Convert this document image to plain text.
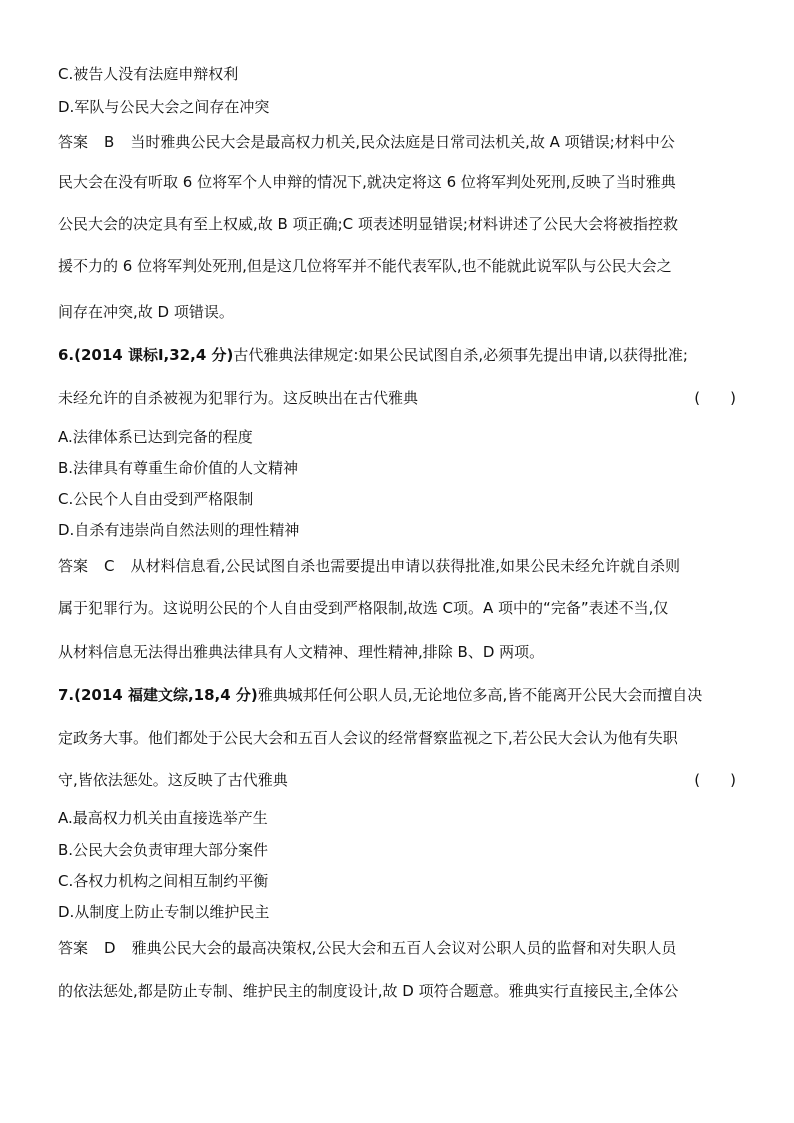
C.被告人没有法庭申辩权利
D.军队与公民大会之间存在冲突
答案 B 当时雅典公民大会是最高权力机关,民众法庭是日常司法机关,故 A 项错误;材料中公
民大会在没有听取 6 位将军个人申辩的情况下,就决定将这 6 位将军判处死刑,反映了当时雅典
公民大会的决定具有至上权威,故 B 项正确;C 项表述明显错误;材料讲述了公民大会将被指控救
援不力的 6 位将军判处死刑,但是这几位将军并不能代表军队,也不能就此说军队与公民大会之
间存在冲突,故 D 项错误。
6.(2014 课标Ⅰ,32,4 分)古代雅典法律规定:如果公民试图自杀,必须事先提出申请,以获得批准;
未经允许的自杀被视为犯罪行为。这反映出在古代雅典	(　　)
A.法律体系已达到完备的程度
B.法律具有尊重生命价值的人文精神
C.公民个人自由受到严格限制
D.自杀有违崇尚自然法则的理性精神
答案 C 从材料信息看,公民试图自杀也需要提出申请以获得批准,如果公民未经允许就自杀则
属于犯罪行为。这说明公民的个人自由受到严格限制,故选 C项。A 项中的“完备”表述不当,仅
从材料信息无法得出雅典法律具有人文精神、理性精神,排除 B、D 两项。
7.(2014 福建文综,18,4 分)雅典城邦任何公职人员,无论地位多高,皆不能离开公民大会而擅自决
定政务大事。他们都处于公民大会和五百人会议的经常督察监视之下,若公民大会认为他有失职
守,皆依法惩处。这反映了古代雅典	(　　)
A.最高权力机关由直接选举产生
B.公民大会负责审理大部分案件
C.各权力机构之间相互制约平衡
D.从制度上防止专制以维护民主
答案 D 雅典公民大会的最高决策权,公民大会和五百人会议对公职人员的监督和对失职人员
的依法惩处,都是防止专制、维护民主的制度设计,故 D 项符合题意。雅典实行直接民主,全体公
